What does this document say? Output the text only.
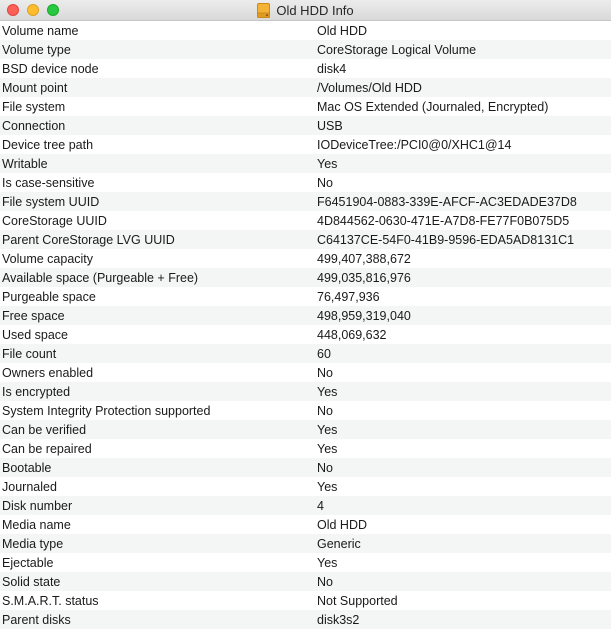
Old HDD Info
Volume name	Old HDD
Volume type	CoreStorage Logical Volume
BSD device node	disk4
Mount point	/Volumes/Old HDD
File system	Mac OS Extended (Journaled, Encrypted)
Connection	USB
Device tree path	IODeviceTree:/PCI0@0/XHC1@14
Writable	Yes
Is case-sensitive	No
File system UUID	F6451904-0883-339E-AFCF-AC3EDADE37D8
CoreStorage UUID	4D844562-0630-471E-A7D8-FE77F0B075D5
Parent CoreStorage LVG UUID	C64137CE-54F0-41B9-9596-EDA5AD8131C1
Volume capacity	499,407,388,672
Available space (Purgeable + Free)	499,035,816,976
Purgeable space	76,497,936
Free space	498,959,319,040
Used space	448,069,632
File count	60
Owners enabled	No
Is encrypted	Yes
System Integrity Protection supported	No
Can be verified	Yes
Can be repaired	Yes
Bootable	No
Journaled	Yes
Disk number	4
Media name	Old HDD
Media type	Generic
Ejectable	Yes
Solid state	No
S.M.A.R.T. status	Not Supported
Parent disks	disk3s2
